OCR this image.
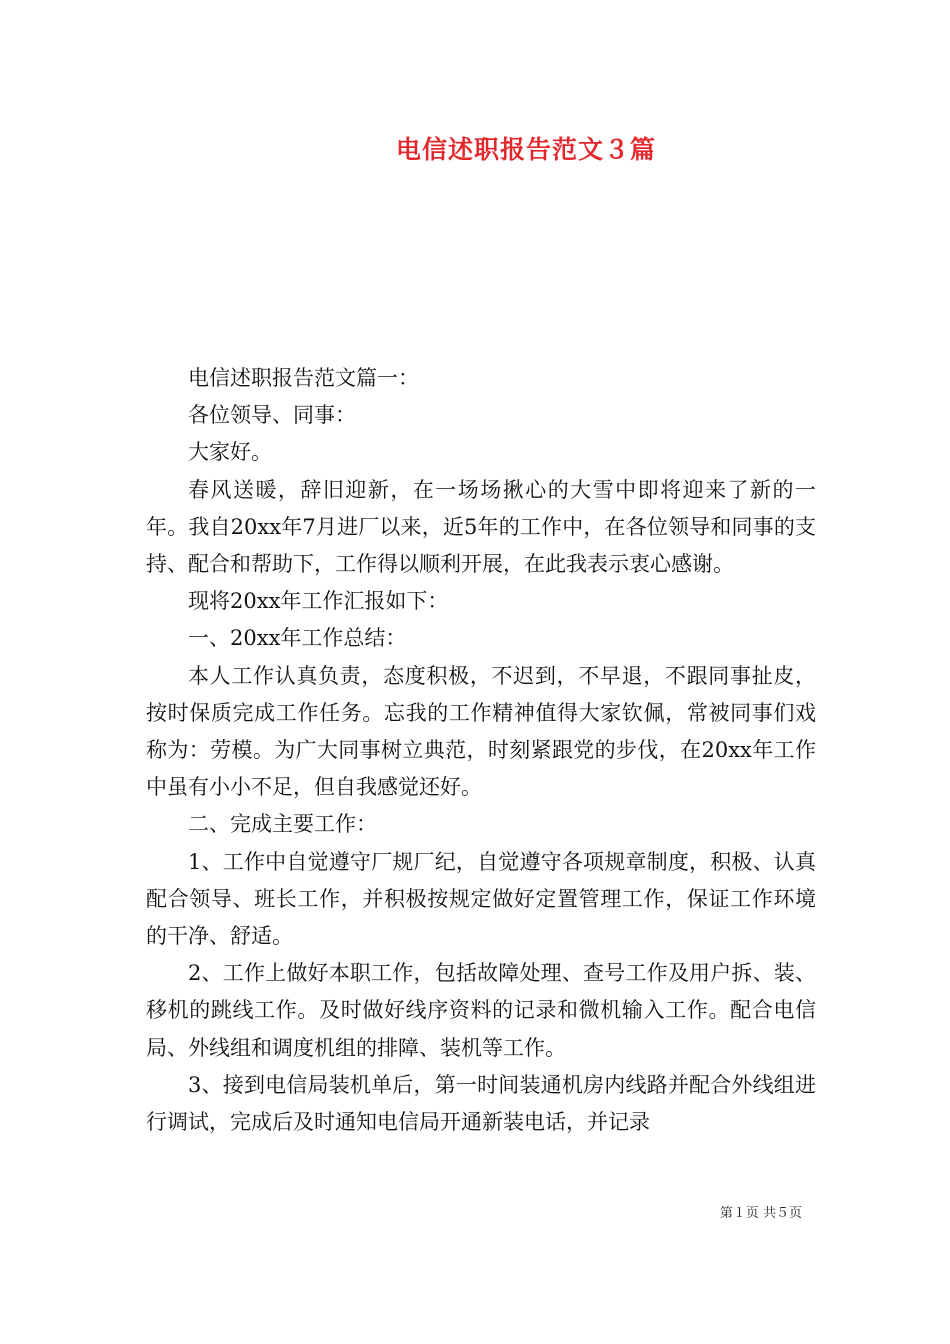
电信述职报告范文３篇

电信述职报告范文篇一：

各位领导、同事：

大家好。

春风送暖，辞旧迎新，在一场场揪心的大雪中即将迎来了新的一年。我自20xx年7月进厂以来，近5年的工作中，在各位领导和同事的支持、配合和帮助下，工作得以顺利开展，在此我表示衷心感谢。

现将20xx年工作汇报如下：

一、20xx年工作总结：

本人工作认真负责，态度积极，不迟到，不早退，不跟同事扯皮，按时保质完成工作任务。忘我的工作精神值得大家钦佩，常被同事们戏称为：劳模。为广大同事树立典范，时刻紧跟党的步伐，在20xx年工作中虽有小小不足，但自我感觉还好。

二、完成主要工作：

1、工作中自觉遵守厂规厂纪，自觉遵守各项规章制度，积极、认真配合领导、班长工作，并积极按规定做好定置管理工作，保证工作环境的干净、舒适。

2、工作上做好本职工作，包括故障处理、查号工作及用户拆、装、移机的跳线工作。及时做好线序资料的记录和微机输入工作。配合电信局、外线组和调度机组的排障、装机等工作。

3、接到电信局装机单后，第一时间装通机房内线路并配合外线组进行调试，完成后及时通知电信局开通新装电话，并记录

第１页 共５页
